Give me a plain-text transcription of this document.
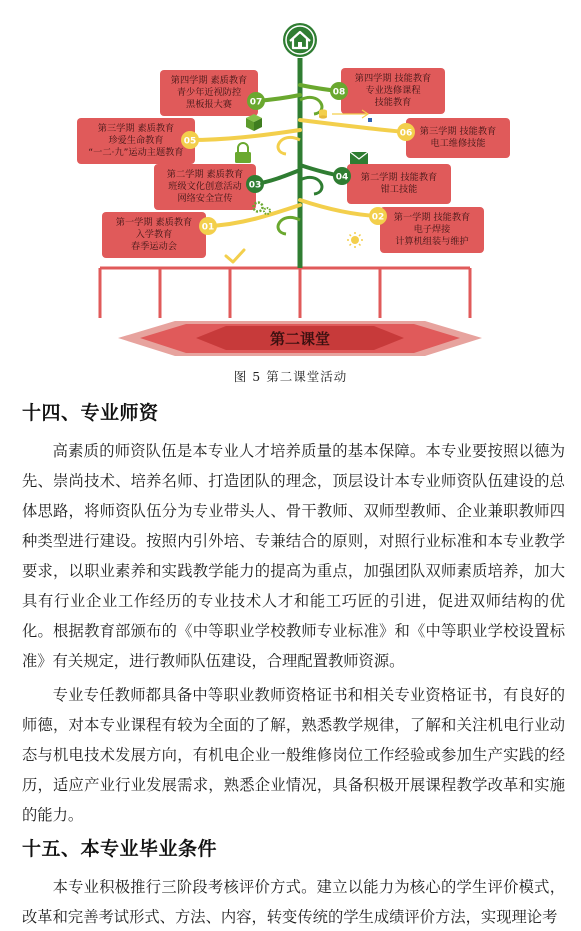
第二课堂
第四学期 素质教育
青少年近视防控
黑板报大赛
第三学期 素质教育
珍爱生命教育
“一二·九”运动主题教育
第二学期 素质教育
班级文化创意活动
网络安全宣传
第一学期 素质教育
入学教育
春季运动会
第四学期 技能教育
专业选修课程
技能教育
第三学期 技能教育
电工维修技能
第二学期 技能教育
钳工技能
第一学期 技能教育
电子焊接
计算机组装与维护
07
05
03
01
08
06
04
02
图 5 第二课堂活动
十四、专业师资
高素质的师资队伍是本专业人才培养质量的基本保障。本专业要按照以德为先、崇尚技术、培养名师、打造团队的理念，顶层设计本专业师资队伍建设的总体思路，将师资队伍分为专业带头人、骨干教师、双师型教师、企业兼职教师四种类型进行建设。按照内引外培、专兼结合的原则，对照行业标准和本专业教学要求，以职业素养和实践教学能力的提高为重点，加强团队双师素质培养，加大具有行业企业工作经历的专业技术人才和能工巧匠的引进，促进双师结构的优化。根据教育部颁布的《中等职业学校教师专业标准》和《中等职业学校设置标准》有关规定，进行教师队伍建设，合理配置教师资源。
专业专任教师都具备中等职业教师资格证书和相关专业资格证书，有良好的师德，对本专业课程有较为全面的了解，熟悉教学规律，了解和关注机电行业动态与机电技术发展方向，有机电企业一般维修岗位工作经验或参加生产实践的经历，适应产业行业发展需求，熟悉企业情况，具备积极开展课程教学改革和实施的能力。
十五、本专业毕业条件
本专业积极推行三阶段考核评价方式。建立以能力为核心的学生评价模式，改革和完善考试形式、方法、内容，转变传统的学生成绩评价方法，实现理论考
